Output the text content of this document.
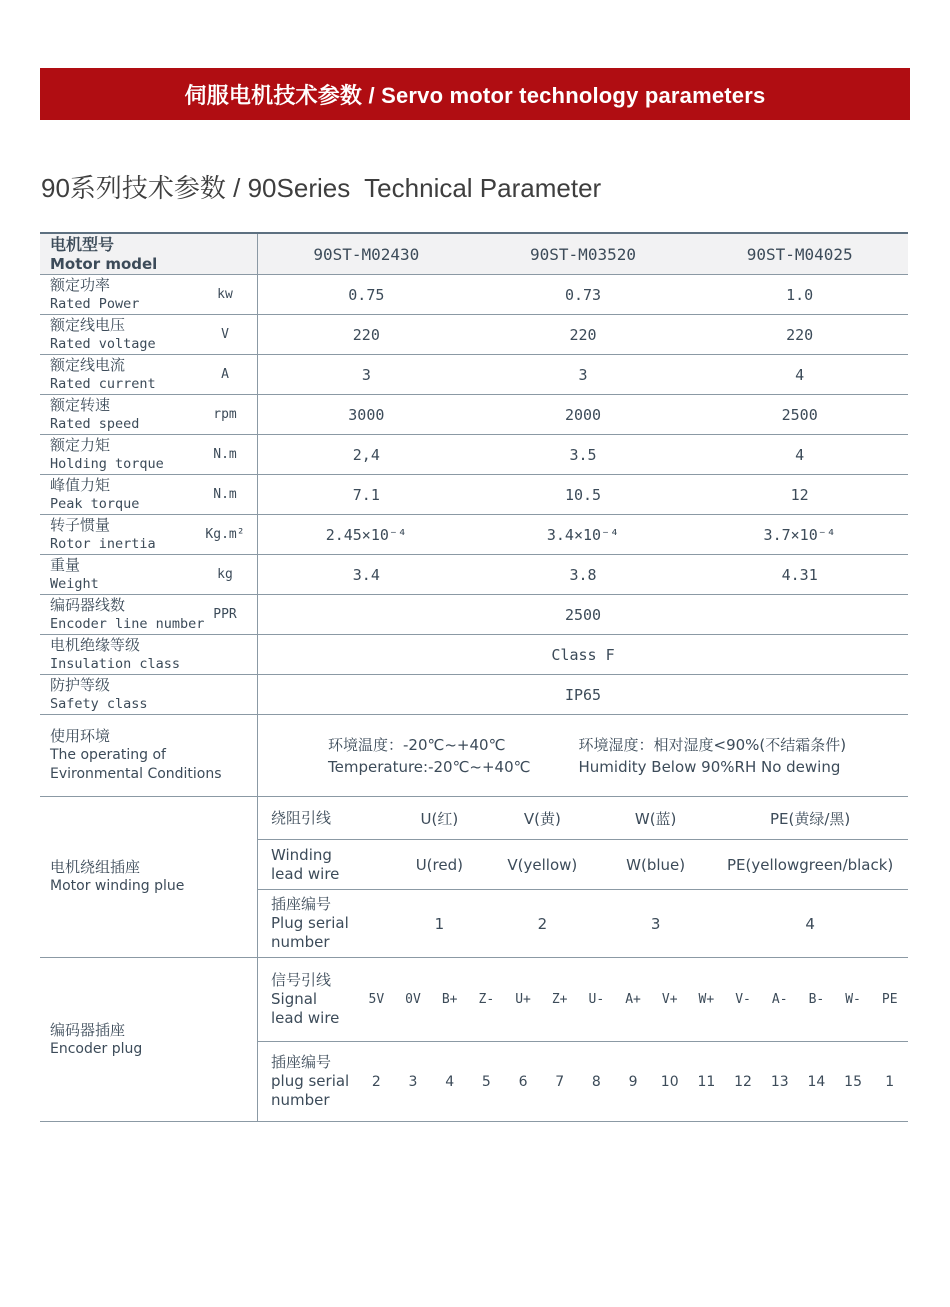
伺服电机技术参数 / Servo motor technology parameters
90系列技术参数 / 90Series  Technical Parameter
电机型号
Motor model	90ST-M02430	90ST-M03520	90ST-M04025
额定功率
Rated Power
kw	0.75	0.73	1.0
额定线电压
Rated voltage
V	220	220	220
额定线电流
Rated current
A	3	3	4
额定转速
Rated speed
rpm	3000	2000	2500
额定力矩
Holding torque
N.m	2,4	3.5	4
峰值力矩
Peak torque
N.m	7.1	10.5	12
转子惯量
Rotor inertia
Kg.m²	2.45×10⁻⁴	3.4×10⁻⁴	3.7×10⁻⁴
重量
Weight
kg	3.4	3.8	4.31
编码器线数
Encoder line number
PPR	2500
电机绝缘等级
Insulation class
Class F
防护等级
Safety class
IP65
使用环境
The operating of
Evironmental Conditions
环境温度：-20℃~+40℃
Temperature:-20℃~+40℃
环境湿度：相对湿度<90%(不结霜条件)
Humidity Below 90%RH No dewing
电机绕组插座
Motor winding plue
绕阻引线	U(红)	V(黄)	W(蓝)	PE(黄绿/黑)
Winding
lead wire	U(red)	V(yellow)	W(blue)	PE(yellowgreen/black)
插座编号
Plug serial
number
1	2	3	4
编码器插座
Encoder plug
信号引线
Signal
lead wire
5V	0V	B+	Z-	U+	Z+	U-	A+	V+	W+	V-	A-	B-	W-	PE
插座编号
plug serial
number
2	3	4	5	6	7	8	9	10	11	12	13	14	15	1
